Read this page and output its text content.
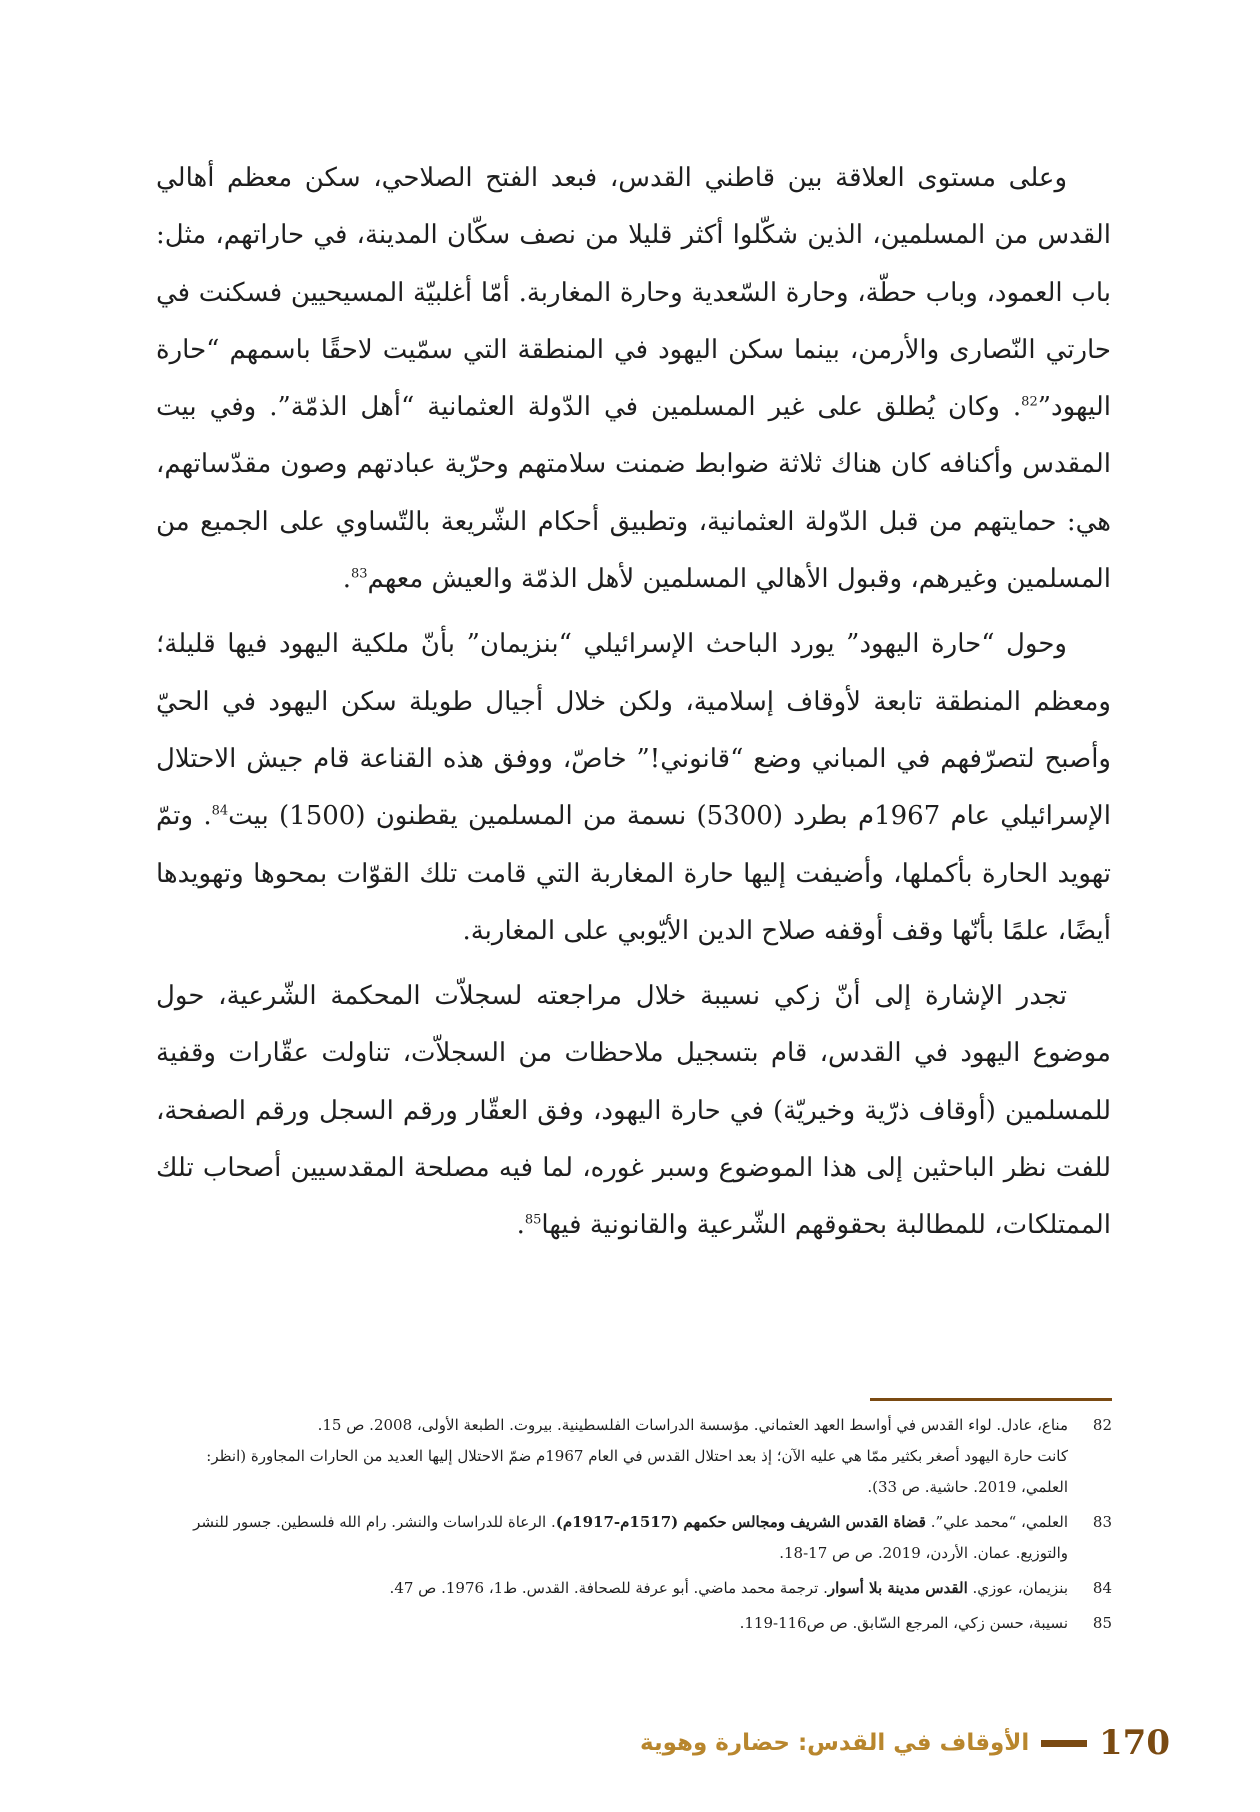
وعلى مستوى العلاقة بين قاطني القدس، فبعد الفتح الصلاحي، سكن معظم أهالي القدس من المسلمين، الذين شكّلوا أكثر قليلا من نصف سكّان المدينة، في حاراتهم، مثل: باب العمود، وباب حطّة، وحارة السّعدية وحارة المغاربة. أمّا أغلبيّة المسيحيين فسكنت في حارتي النّصارى والأرمن، بينما سكن اليهود في المنطقة التي سمّيت لاحقًا باسمهم “حارة اليهود”$^{82}$. وكان يُطلق على غير المسلمين في الدّولة العثمانية “أهل الذمّة”. وفي بيت المقدس وأكنافه كان هناك ثلاثة ضوابط ضمنت سلامتهم وحرّية عبادتهم وصون مقدّساتهم، هي: حمايتهم من قبل الدّولة العثمانية، وتطبيق أحكام الشّريعة بالتّساوي على الجميع من المسلمين وغيرهم، وقبول الأهالي المسلمين لأهل الذمّة والعيش معهم$^{83}$.

وحول “حارة اليهود” يورد الباحث الإسرائيلي “بنزيمان” بأنّ ملكية اليهود فيها قليلة؛ ومعظم المنطقة تابعة لأوقاف إسلامية، ولكن خلال أجيال طويلة سكن اليهود في الحيّ وأصبح لتصرّفهم في المباني وضع “قانوني!” خاصّ، ووفق هذه القناعة قام جيش الاحتلال الإسرائيلي عام 1967م بطرد (5300) نسمة من المسلمين يقطنون (1500) بيت$^{84}$. وتمّ تهويد الحارة بأكملها، وأضيفت إليها حارة المغاربة التي قامت تلك القوّات بمحوها وتهويدها أيضًا، علمًا بأنّها وقف أوقفه صلاح الدين الأيّوبي على المغاربة.

تجدر الإشارة إلى أنّ زكي نسيبة خلال مراجعته لسجلاّت المحكمة الشّرعية، حول موضوع اليهود في القدس، قام بتسجيل ملاحظات من السجلاّت، تناولت عقّارات وقفية للمسلمين (أوقاف ذرّية وخيريّة) في حارة اليهود، وفق العقّار ورقم السجل ورقم الصفحة، للفت نظر الباحثين إلى هذا الموضوع وسبر غوره، لما فيه مصلحة المقدسيين أصحاب تلك الممتلكات، للمطالبة بحقوقهم الشّرعية والقانونية فيها$^{85}$.

82
مناع، عادل. لواء القدس في أواسط العهد العثماني. مؤسسة الدراسات الفلسطينية. بيروت. الطبعة الأولى، 2008. ص 15.
كانت حارة اليهود أصغر بكثير ممّا هي عليه الآن؛ إذ بعد احتلال القدس في العام 1967م ضمّ الاحتلال إليها العديد من الحارات المجاورة (انظر: العلمي، 2019. حاشية. ص 33).
83
العلمي، “محمد علي”. قضاة القدس الشريف ومجالس حكمهم (1517م-1917م). الرعاة للدراسات والنشر. رام الله فلسطين. جسور للنشر والتوزيع. عمان. الأردن، 2019. ص ص 17-18.
84
بنزيمان، عوزي. القدس مدينة بلا أسوار. ترجمة محمد ماضي. أبو عرفة للصحافة. القدس. ط1، 1976. ص 47.
85
نسيبة، حسن زكي، المرجع السّابق. ص ص116-119.
170
الأوقاف في القدس: حضارة وهوية
